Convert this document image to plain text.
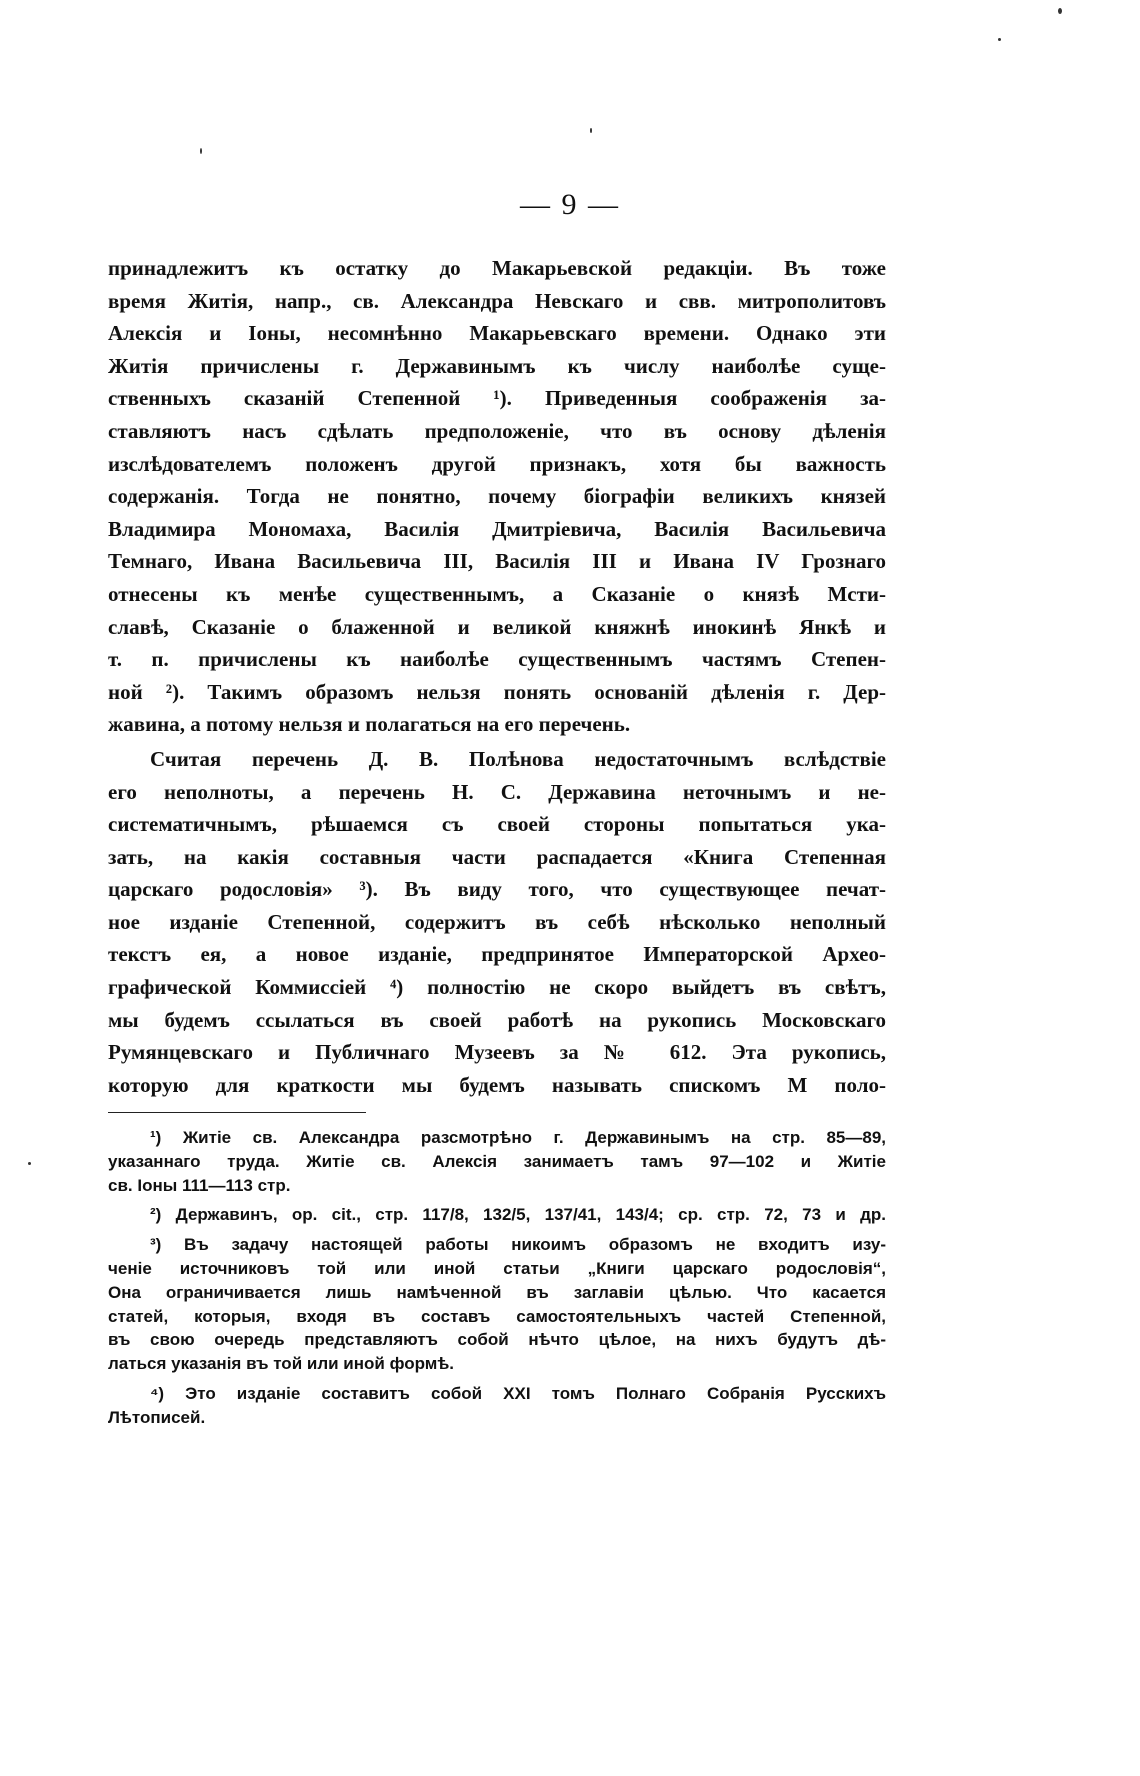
— 9 —
принадлежитъ къ остатку до Макарьевской редакціи. Въ тоже
время Житія, напр., св. Александра Невскаго и свв. митрополитовъ
Алексія и Іоны, несомнѣнно Макарьевскаго времени. Однако эти
Житія причислены г. Державинымъ къ числу наиболѣе суще-
ственныхъ сказаній Степенной ¹). Приведенныя соображенія за-
ставляютъ насъ сдѣлать предположеніе, что въ основу дѣленія
изслѣдователемъ положенъ другой признакъ, хотя бы важность
содержанія. Тогда не понятно, почему біографіи великихъ князей
Владимира Мономаха, Василія Дмитріевича, Василія Васильевича
Темнаго, Ивана Васильевича III, Василія III и Ивана IV Грознаго
отнесены къ менѣе существеннымъ, а Сказаніе о князѣ Мсти-
славѣ, Сказаніе о блаженной и великой княжнѣ инокинѣ Янкѣ и
т. п. причислены къ наиболѣе существеннымъ частямъ Степен-
ной ²). Такимъ образомъ нельзя понять основаній дѣленія г. Дер-
жавина, а потому нельзя и полагаться на его перечень.
Считая перечень Д. В. Полѣнова недостаточнымъ вслѣдствіе
его неполноты, а перечень Н. С. Державина неточнымъ и не-
систематичнымъ, рѣшаемся съ своей стороны попытаться ука-
зать, на какія составныя части распадается «Книга Степенная
царскаго родословія» ³). Въ виду того, что существующее печат-
ное изданіе Степенной, содержитъ въ себѣ нѣсколько неполный
текстъ ея, а новое изданіе, предпринятое Императорской Архео-
графической Коммиссіей ⁴) полностію не скоро выйдетъ въ свѣтъ,
мы будемъ ссылаться въ своей работѣ на рукопись Московскаго
Румянцевскаго и Публичнаго Музеевъ за № 612. Эта рукопись,
которую для краткости мы будемъ называть спискомъ М поло-
¹) Житіе св. Александра разсмотрѣно г. Державинымъ на стр. 85—89,
указаннаго труда. Житіе св. Алексія занимаетъ тамъ 97—102 и Житіе
св. Іоны 111—113 стр.
²) Державинъ, op. cit., стр. 117/8, 132/5, 137/41, 143/4; ср. стр. 72, 73 и др.
³) Въ задачу настоящей работы никоимъ образомъ не входитъ изу-
ченіе источниковъ той или иной статьи „Книги царскаго родословія“,
Она ограничивается лишь намѣченной въ заглавіи цѣлью. Что касается
статей, которыя, входя въ составъ самостоятельныхъ частей Степенной,
въ свою очередь представляютъ собой нѣчто цѣлое, на нихъ будутъ дѣ-
латься указанія въ той или иной формѣ.
⁴) Это изданіе составитъ собой XXI томъ Полнаго Собранія Русскихъ
Лѣтописей.
